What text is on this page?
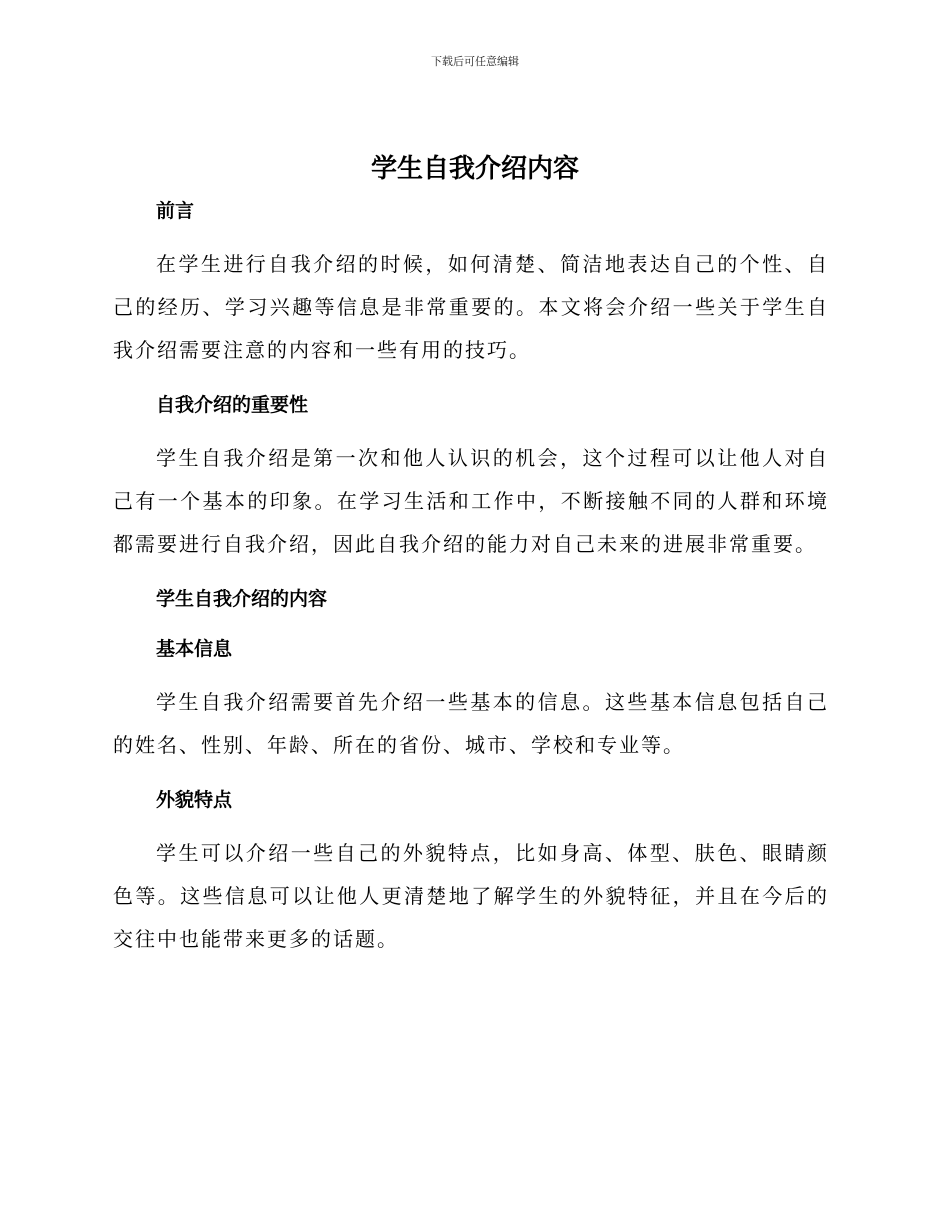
下载后可任意编辑
学生自我介绍内容
前言

在学生进行自我介绍的时候，如何清楚、简洁地表达自己的个性、自己的经历、学习兴趣等信息是非常重要的。本文将会介绍一些关于学生自我介绍需要注意的内容和一些有用的技巧。

自我介绍的重要性

学生自我介绍是第一次和他人认识的机会，这个过程可以让他人对自己有一个基本的印象。在学习生活和工作中，不断接触不同的人群和环境都需要进行自我介绍，因此自我介绍的能力对自己未来的进展非常重要。

学生自我介绍的内容
基本信息

学生自我介绍需要首先介绍一些基本的信息。这些基本信息包括自己的姓名、性别、年龄、所在的省份、城市、学校和专业等。

外貌特点

学生可以介绍一些自己的外貌特点，比如身高、体型、肤色、眼睛颜色等。这些信息可以让他人更清楚地了解学生的外貌特征，并且在今后的交往中也能带来更多的话题。
